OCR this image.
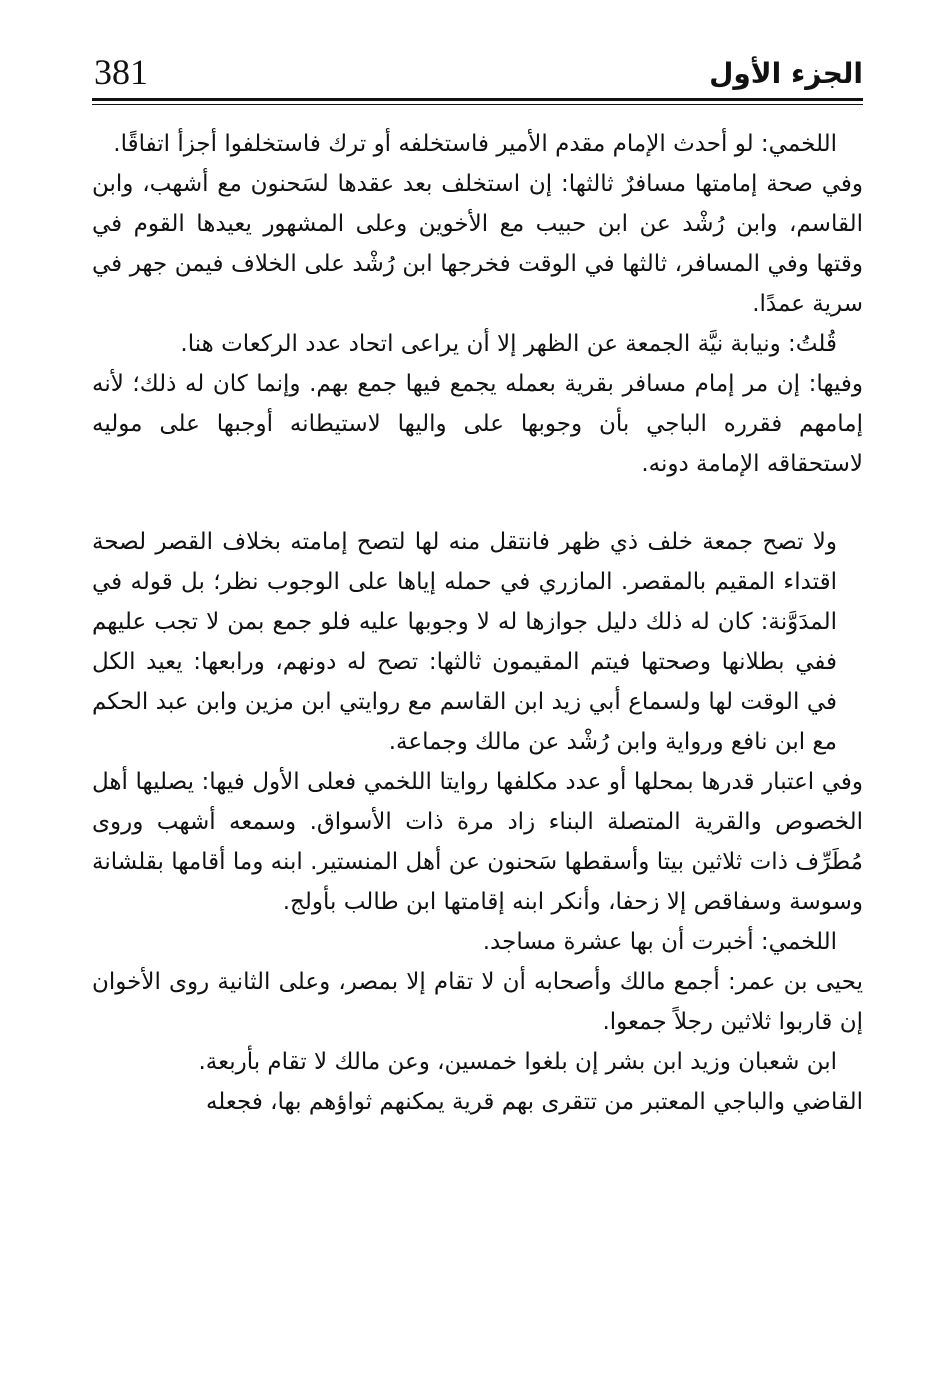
381	الجزء الأول

اللخمي: لو أحدث الإمام مقدم الأمير فاستخلفه أو ترك فاستخلفوا أجزأ اتفاقًا.

وفي صحة إمامتها مسافرٌ ثالثها: إن استخلف بعد عقدها لسَحنون مع أشهب، وابن القاسم، وابن رُشْد عن ابن حبيب مع الأخوين وعلى المشهور يعيدها القوم في وقتها وفي المسافر، ثالثها في الوقت فخرجها ابن رُشْد على الخلاف فيمن جهر في سرية عمدًا.

قُلتُ: ونيابة نيَّة الجمعة عن الظهر إلا أن يراعى اتحاد عدد الركعات هنا.

وفيها: إن مر إمام مسافر بقرية بعمله يجمع فيها جمع بهم. وإنما كان له ذلك؛ لأنه إمامهم فقرره الباجي بأن وجوبها على واليها لاستيطانه أوجبها على موليه لاستحقاقه الإمامة دونه.

ولا تصح جمعة خلف ذي ظهر فانتقل منه لها لتصح إمامته بخلاف القصر لصحة اقتداء المقيم بالمقصر. المازري في حمله إياها على الوجوب نظر؛ بل قوله في المدَوَّنة: كان له ذلك دليل جوازها له لا وجوبها عليه فلو جمع بمن لا تجب عليهم ففي بطلانها وصحتها فيتم المقيمون ثالثها: تصح له دونهم، ورابعها: يعيد الكل في الوقت لها ولسماع أبي زيد ابن القاسم مع روايتي ابن مزين وابن عبد الحكم مع ابن نافع ورواية وابن رُشْد عن مالك وجماعة.

وفي اعتبار قدرها بمحلها أو عدد مكلفها روايتا اللخمي فعلى الأول فيها: يصليها أهل الخصوص والقرية المتصلة البناء زاد مرة ذات الأسواق. وسمعه أشهب وروى مُطَرِّف ذات ثلاثين بيتا وأسقطها سَحنون عن أهل المنستير. ابنه وما أقامها بقلشانة وسوسة وسفاقص إلا زحفا، وأنكر ابنه إقامتها ابن طالب بأولج.

اللخمي: أخبرت أن بها عشرة مساجد.

يحيى بن عمر: أجمع مالك وأصحابه أن لا تقام إلا بمصر، وعلى الثانية روى الأخوان إن قاربوا ثلاثين رجلاً جمعوا.

ابن شعبان وزيد ابن بشر إن بلغوا خمسين، وعن مالك لا تقام بأربعة.

القاضي والباجي المعتبر من تتقرى بهم قرية يمكنهم ثواؤهم بها، فجعله
